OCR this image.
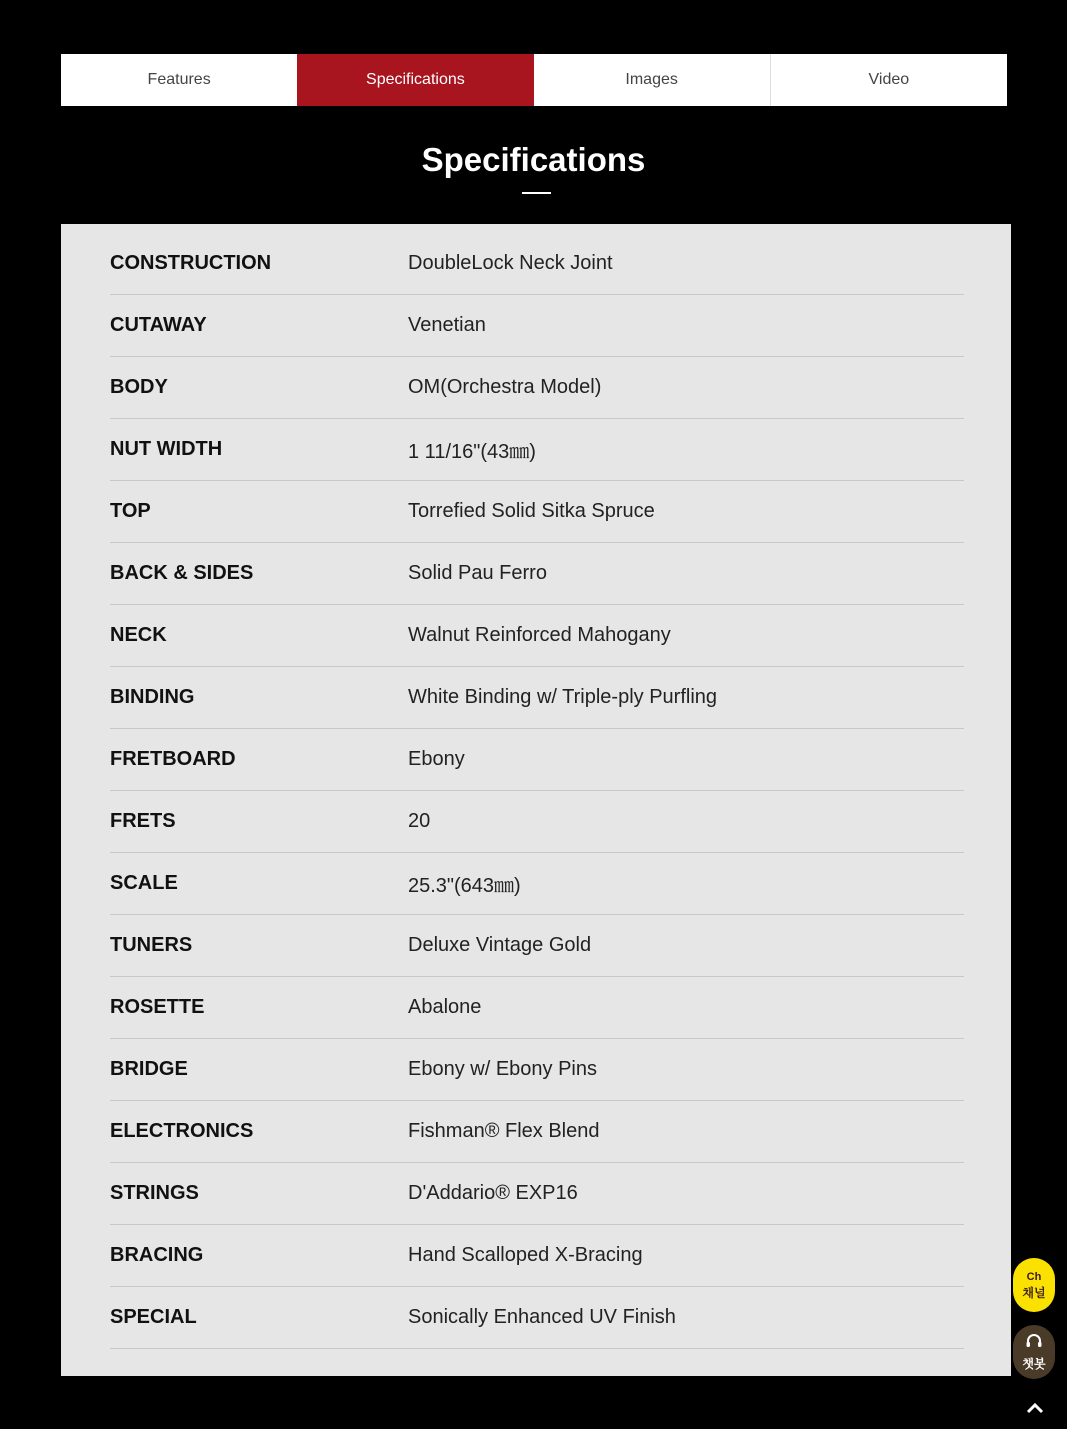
Features	Specifications	Images	Video
Specifications
CONSTRUCTION	DoubleLock Neck Joint
CUTAWAY	Venetian
BODY	OM(Orchestra Model)
NUT WIDTH	1 11/16"(43㎜)
TOP	Torrefied Solid Sitka Spruce
BACK & SIDES	Solid Pau Ferro
NECK	Walnut Reinforced Mahogany
BINDING	White Binding w/ Triple-ply Purfling
FRETBOARD	Ebony
FRETS	20
SCALE	25.3"(643㎜)
TUNERS	Deluxe Vintage Gold
ROSETTE	Abalone
BRIDGE	Ebony w/ Ebony Pins
ELECTRONICS	Fishman® Flex Blend
STRINGS	D'Addario® EXP16
BRACING	Hand Scalloped X-Bracing
SPECIAL	Sonically Enhanced UV Finish
Ch
채널
챗봇
